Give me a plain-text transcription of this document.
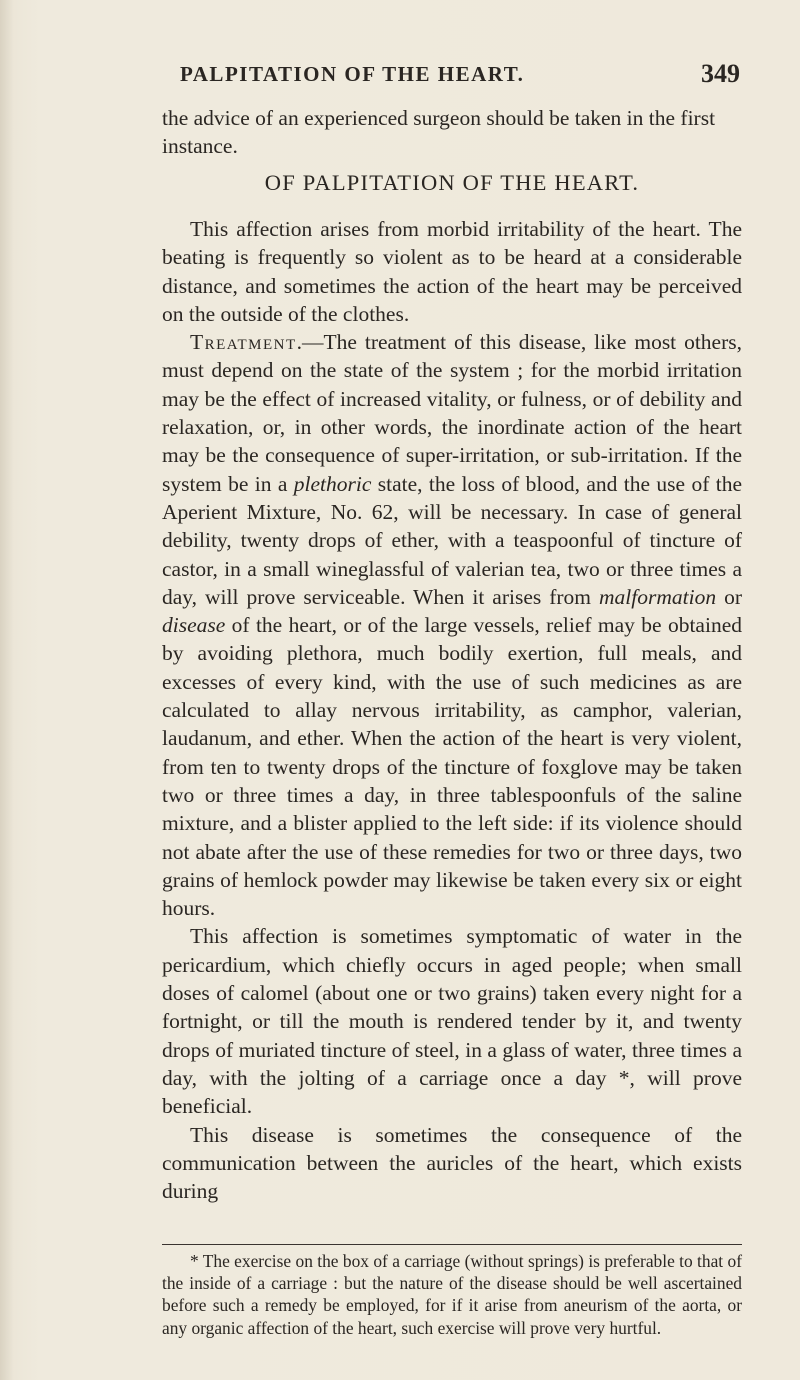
PALPITATION OF THE HEART.	349
the advice of an experienced surgeon should be taken in the first instance.
OF PALPITATION OF THE HEART.

This affection arises from morbid irritability of the heart. The beating is frequently so violent as to be heard at a considerable distance, and sometimes the action of the heart may be perceived on the outside of the clothes.

Treatment.—The treatment of this disease, like most others, must depend on the state of the system ; for the morbid irritation may be the effect of increased vitality, or fulness, or of debility and relaxation, or, in other words, the inordinate action of the heart may be the consequence of super-irritation, or sub-irritation. If the system be in a plethoric state, the loss of blood, and the use of the Aperient Mixture, No. 62, will be necessary. In case of general debility, twenty drops of ether, with a teaspoonful of tincture of castor, in a small wineglassful of valerian tea, two or three times a day, will prove serviceable. When it arises from malformation or disease of the heart, or of the large vessels, relief may be obtained by avoiding plethora, much bodily exertion, full meals, and excesses of every kind, with the use of such medicines as are calculated to allay nervous irritability, as camphor, valerian, laudanum, and ether. When the action of the heart is very violent, from ten to twenty drops of the tincture of foxglove may be taken two or three times a day, in three tablespoonfuls of the saline mixture, and a blister applied to the left side: if its violence should not abate after the use of these remedies for two or three days, two grains of hemlock powder may likewise be taken every six or eight hours.

This affection is sometimes symptomatic of water in the pericardium, which chiefly occurs in aged people; when small doses of calomel (about one or two grains) taken every night for a fortnight, or till the mouth is rendered tender by it, and twenty drops of muriated tincture of steel, in a glass of water, three times a day, with the jolting of a carriage once a day *, will prove beneficial.

This disease is sometimes the consequence of the communication between the auricles of the heart, which exists during

* The exercise on the box of a carriage (without springs) is preferable to that of the inside of a carriage : but the nature of the disease should be well ascertained before such a remedy be employed, for if it arise from aneurism of the aorta, or any organic affection of the heart, such exercise will prove very hurtful.
